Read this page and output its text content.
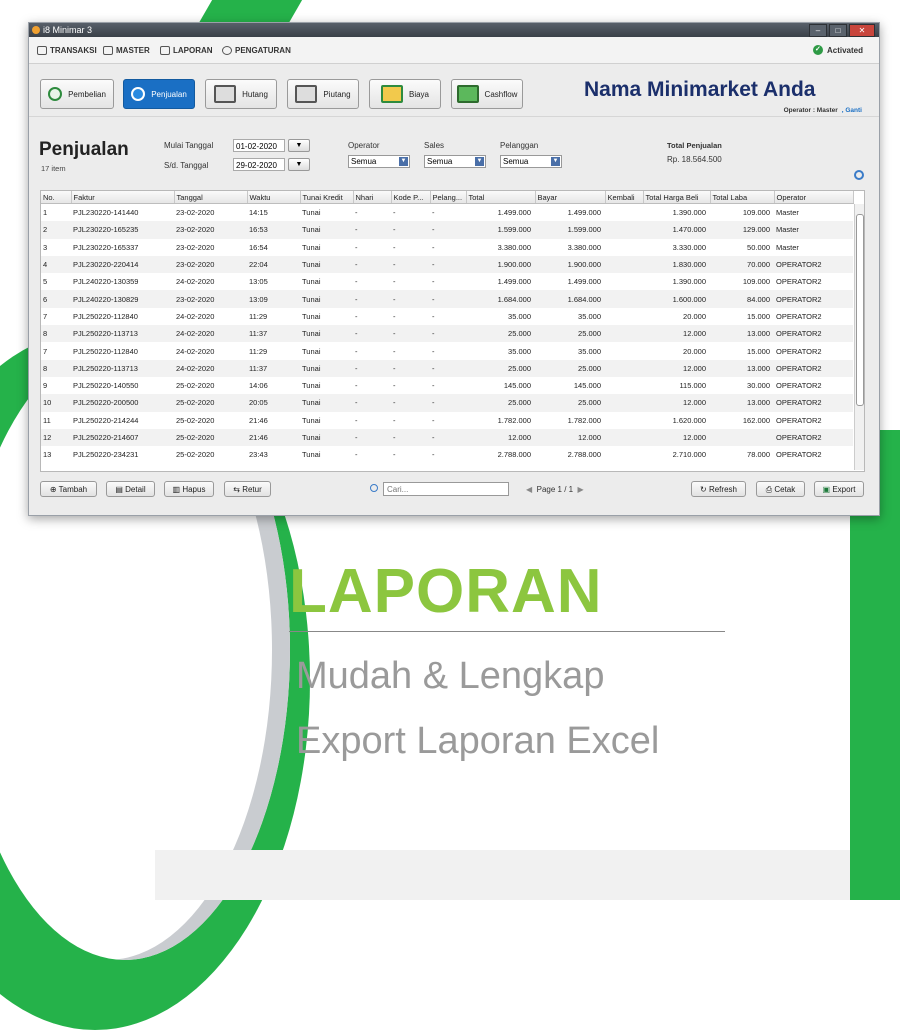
i8 Minimar 3	–	□	✕
TRANSAKSI MASTER	LAPORAN	PENGATURAN	✓ Activated
Pembelian	Penjualan	Hutang	Piutang	Biaya	Cashflow	Nama Minimarket Anda
Operator : Master , Ganti
Penjualan
17 item
Mulai Tanggal	01-02-2020	▼
S/d. Tanggal	29-02-2020	▼
Operator
Semua	▼
Sales
Semua	▼
Pelanggan
Semua	▼
Total Penjualan
Rp. 18.564.500
No.	Faktur	Tanggal	Waktu	Tunai Kredit	Nhari	Kode P...	Pelang...	Total	Bayar	Kembali	Total Harga Beli	Total Laba	Operator
1	PJL230220-141440	23-02-2020	14:15	Tunai	-	-	-	1.499.000	1.499.000		1.390.000	109.000	Master
2	PJL230220-165235	23-02-2020	16:53	Tunai	-	-	-	1.599.000	1.599.000		1.470.000	129.000	Master
3	PJL230220-165337	23-02-2020	16:54	Tunai	-	-	-	3.380.000	3.380.000		3.330.000	50.000	Master
4	PJL230220-220414	23-02-2020	22:04	Tunai	-	-	-	1.900.000	1.900.000		1.830.000	70.000	OPERATOR2
5	PJL240220-130359	24-02-2020	13:05	Tunai	-	-	-	1.499.000	1.499.000		1.390.000	109.000	OPERATOR2
6	PJL240220-130829	23-02-2020	13:09	Tunai	-	-	-	1.684.000	1.684.000		1.600.000	84.000	OPERATOR2
7	PJL250220-112840	24-02-2020	11:29	Tunai	-	-	-	35.000	35.000		20.000	15.000	OPERATOR2
8	PJL250220-113713	24-02-2020	11:37	Tunai	-	-	-	25.000	25.000		12.000	13.000	OPERATOR2
7	PJL250220-112840	24-02-2020	11:29	Tunai	-	-	-	35.000	35.000		20.000	15.000	OPERATOR2
8	PJL250220-113713	24-02-2020	11:37	Tunai	-	-	-	25.000	25.000		12.000	13.000	OPERATOR2
9	PJL250220-140550	25-02-2020	14:06	Tunai	-	-	-	145.000	145.000		115.000	30.000	OPERATOR2
10	PJL250220-200500	25-02-2020	20:05	Tunai	-	-	-	25.000	25.000		12.000	13.000	OPERATOR2
11	PJL250220-214244	25-02-2020	21:46	Tunai	-	-	-	1.782.000	1.782.000		1.620.000	162.000	OPERATOR2
12	PJL250220-214607	25-02-2020	21:46	Tunai	-	-	-	12.000	12.000		12.000		OPERATOR2
13	PJL250220-234231	25-02-2020	23:43	Tunai	-	-	-	2.788.000	2.788.000		2.710.000	78.000	OPERATOR2
⊕ Tambah	▤ Detail	▥ Hapus	⇆ Retur
Cari...	◀  Page 1 / 1  ▶	↻ Refresh	⎙ Cetak	▣ Export
LAPORAN
Mudah & Lengkap
Export Laporan Excel
